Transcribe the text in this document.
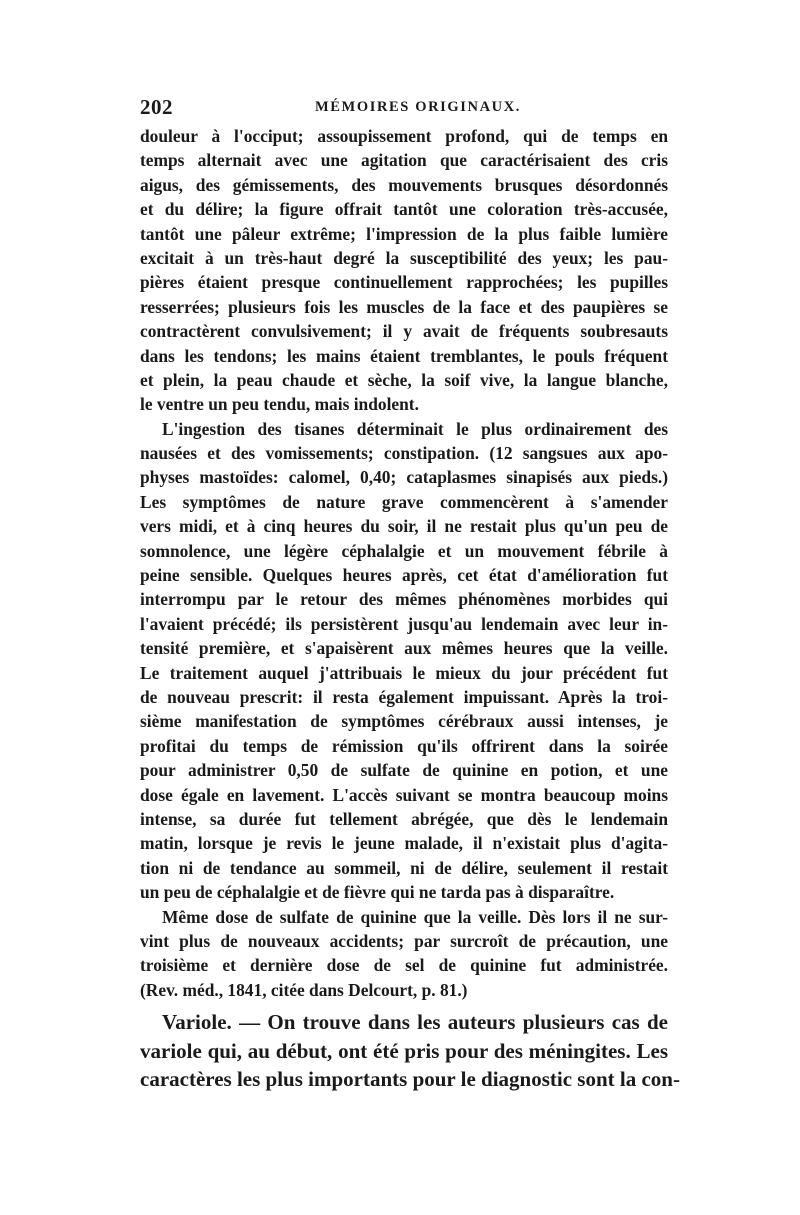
202	MÉMOIRES ORIGINAUX.
douleur à l'occiput; assoupissement profond, qui de temps en
temps alternait avec une agitation que caractérisaient des cris
aigus, des gémissements, des mouvements brusques désordonnés
et du délire; la figure offrait tantôt une coloration très-accusée,
tantôt une pâleur extrême; l'impression de la plus faible lumière
excitait à un très-haut degré la susceptibilité des yeux; les pau-
pières étaient presque continuellement rapprochées; les pupilles
resserrées; plusieurs fois les muscles de la face et des paupières se
contractèrent convulsivement; il y avait de fréquents soubresauts
dans les tendons; les mains étaient tremblantes, le pouls fréquent
et plein, la peau chaude et sèche, la soif vive, la langue blanche,
le ventre un peu tendu, mais indolent.
L'ingestion des tisanes déterminait le plus ordinairement des
nausées et des vomissements; constipation. (12 sangsues aux apo-
physes mastoïdes: calomel, 0,40; cataplasmes sinapisés aux pieds.)
Les symptômes de nature grave commencèrent à s'amender
vers midi, et à cinq heures du soir, il ne restait plus qu'un peu de
somnolence, une légère céphalalgie et un mouvement fébrile à
peine sensible. Quelques heures après, cet état d'amélioration fut
interrompu par le retour des mêmes phénomènes morbides qui
l'avaient précédé; ils persistèrent jusqu'au lendemain avec leur in-
tensité première, et s'apaisèrent aux mêmes heures que la veille.
Le traitement auquel j'attribuais le mieux du jour précédent fut
de nouveau prescrit: il resta également impuissant. Après la troi-
sième manifestation de symptômes cérébraux aussi intenses, je
profitai du temps de rémission qu'ils offrirent dans la soirée
pour administrer 0,50 de sulfate de quinine en potion, et une
dose égale en lavement. L'accès suivant se montra beaucoup moins
intense, sa durée fut tellement abrégée, que dès le lendemain
matin, lorsque je revis le jeune malade, il n'existait plus d'agita-
tion ni de tendance au sommeil, ni de délire, seulement il restait
un peu de céphalalgie et de fièvre qui ne tarda pas à disparaître.
Même dose de sulfate de quinine que la veille. Dès lors il ne sur-
vint plus de nouveaux accidents; par surcroît de précaution, une
troisième et dernière dose de sel de quinine fut administrée.
(Rev. méd., 1841, citée dans Delcourt, p. 81.)
Variole. — On trouve dans les auteurs plusieurs cas de
variole qui, au début, ont été pris pour des méningites. Les
caractères les plus importants pour le diagnostic sont la con-
